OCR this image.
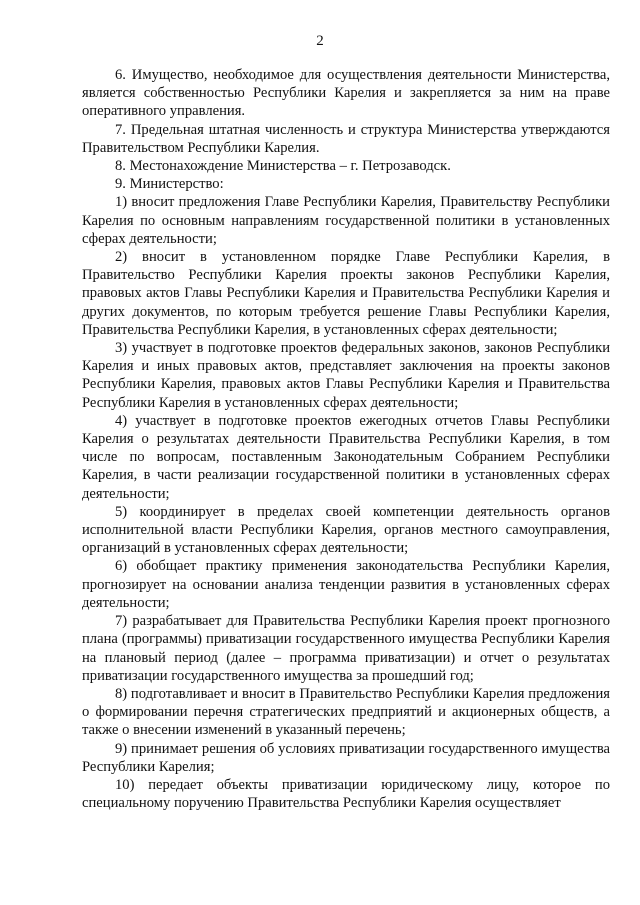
2

6. Имущество, необходимое для осуществления деятельности Министерства, является собственностью Республики Карелия и закрепляется за ним на праве оперативного управления.

7. Предельная штатная численность и структура Министерства утверждаются Правительством Республики Карелия.

8. Местонахождение Министерства – г. Петрозаводск.

9. Министерство:

1) вносит предложения Главе Республики Карелия, Правительству Республики Карелия по основным направлениям государственной политики в установленных сферах деятельности;

2) вносит в установленном порядке Главе Республики Карелия, в Правительство Республики Карелия проекты законов Республики Карелия, правовых актов Главы Республики Карелия и Правительства Республики Карелия и других документов, по которым требуется решение Главы Республики Карелия, Правительства Республики Карелия, в установленных сферах деятельности;

3) участвует в подготовке проектов федеральных законов, законов Республики Карелия и иных правовых актов, представляет заключения на проекты законов Республики Карелия, правовых актов Главы Республики Карелия и Правительства Республики Карелия в установленных сферах деятельности;

4) участвует в подготовке проектов ежегодных отчетов Главы Республики Карелия о результатах деятельности Правительства Республики Карелия, в том числе по вопросам, поставленным Законодательным Собранием Республики Карелия, в части реализации государственной политики в установленных сферах деятельности;

5) координирует в пределах своей компетенции деятельность органов исполнительной власти Республики Карелия, органов местного самоуправления, организаций в установленных сферах деятельности;

6) обобщает практику применения законодательства Республики Карелия, прогнозирует на основании анализа тенденции развития в установленных сферах деятельности;

7) разрабатывает для Правительства Республики Карелия проект прогнозного плана (программы) приватизации государственного имущества Республики Карелия на плановый период (далее – программа приватизации) и отчет о результатах приватизации государственного имущества за прошедший год;

8) подготавливает и вносит в Правительство Республики Карелия предложения о формировании перечня стратегических предприятий и акционерных обществ, а также о внесении изменений в указанный перечень;

9) принимает решения об условиях приватизации государственного имущества Республики Карелия;

10) передает объекты приватизации юридическому лицу, которое по специальному поручению Правительства Республики Карелия осуществляет
